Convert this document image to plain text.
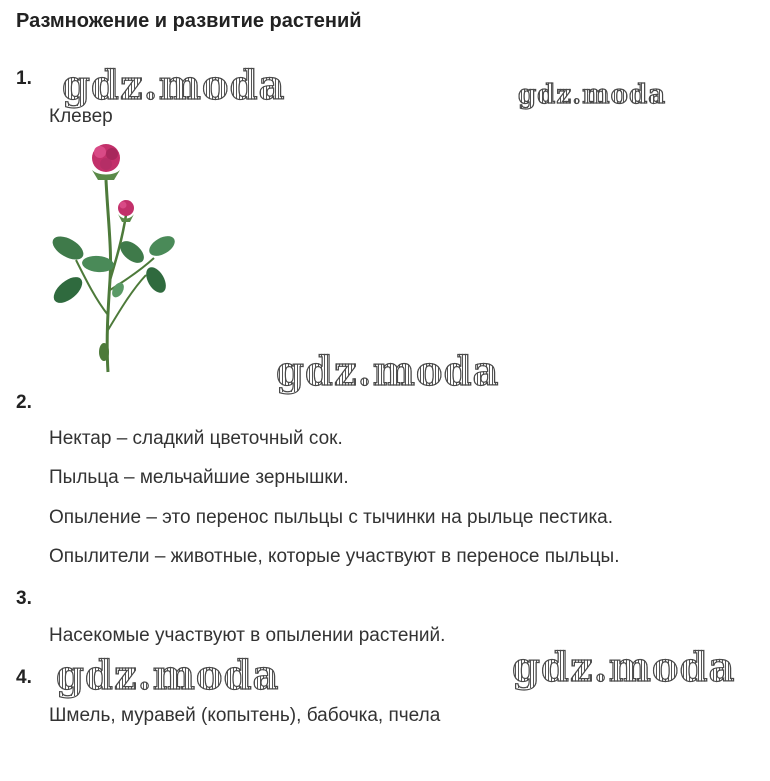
Размножение и развитие растений
1.
Клевер
2.
Нектар – сладкий цветочный сок.
Пыльца – мельчайшие зернышки.
Опыление – это перенос пыльцы с тычинки на рыльце пестика.
Опылители – животные, которые участвуют в переносе пыльцы.
3.
Насекомые участвуют в опылении растений.
4.
Шмель, муравей (копытень), бабочка, пчела
gdz.moda	gdz.moda
gdz.moda
gdz.moda	gdz.moda
